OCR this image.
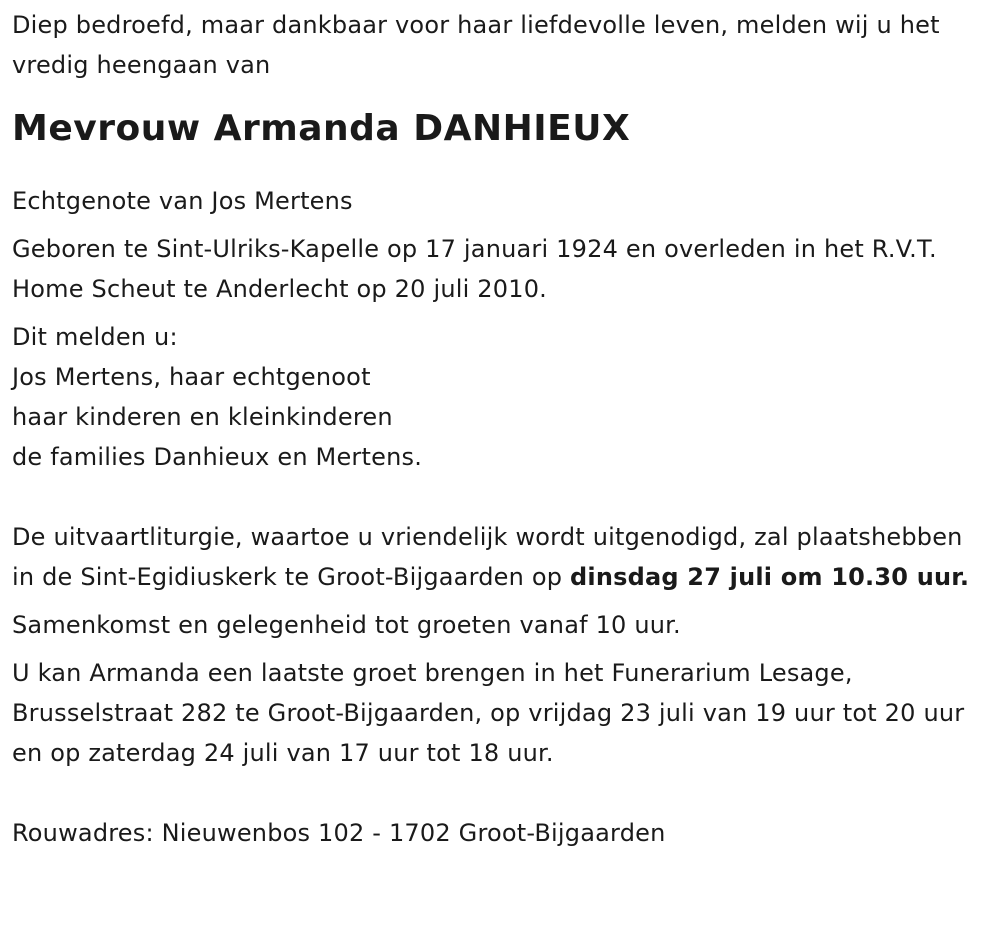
Diep bedroefd, maar dankbaar voor haar liefdevolle leven, melden wij u het vredig heengaan van

Mevrouw Armanda DANHIEUX

Echtgenote van Jos Mertens

Geboren te Sint-Ulriks-Kapelle op 17 januari 1924 en overleden in het R.V.T. Home Scheut te Anderlecht op 20 juli 2010.

Dit melden u:

Jos Mertens, haar echtgenoot

haar kinderen en kleinkinderen

de families Danhieux en Mertens.

De uitvaartliturgie, waartoe u vriendelijk wordt uitgenodigd, zal plaatshebben in de Sint-Egidiuskerk te Groot-Bijgaarden op dinsdag 27 juli om 10.30 uur.

Samenkomst en gelegenheid tot groeten vanaf 10 uur.

U kan Armanda een laatste groet brengen in het Funerarium Lesage, Brusselstraat 282 te Groot-Bijgaarden, op vrijdag 23 juli van 19 uur tot 20 uur en op zaterdag 24 juli van 17 uur tot 18 uur.

Rouwadres: Nieuwenbos 102 - 1702 Groot-Bijgaarden
